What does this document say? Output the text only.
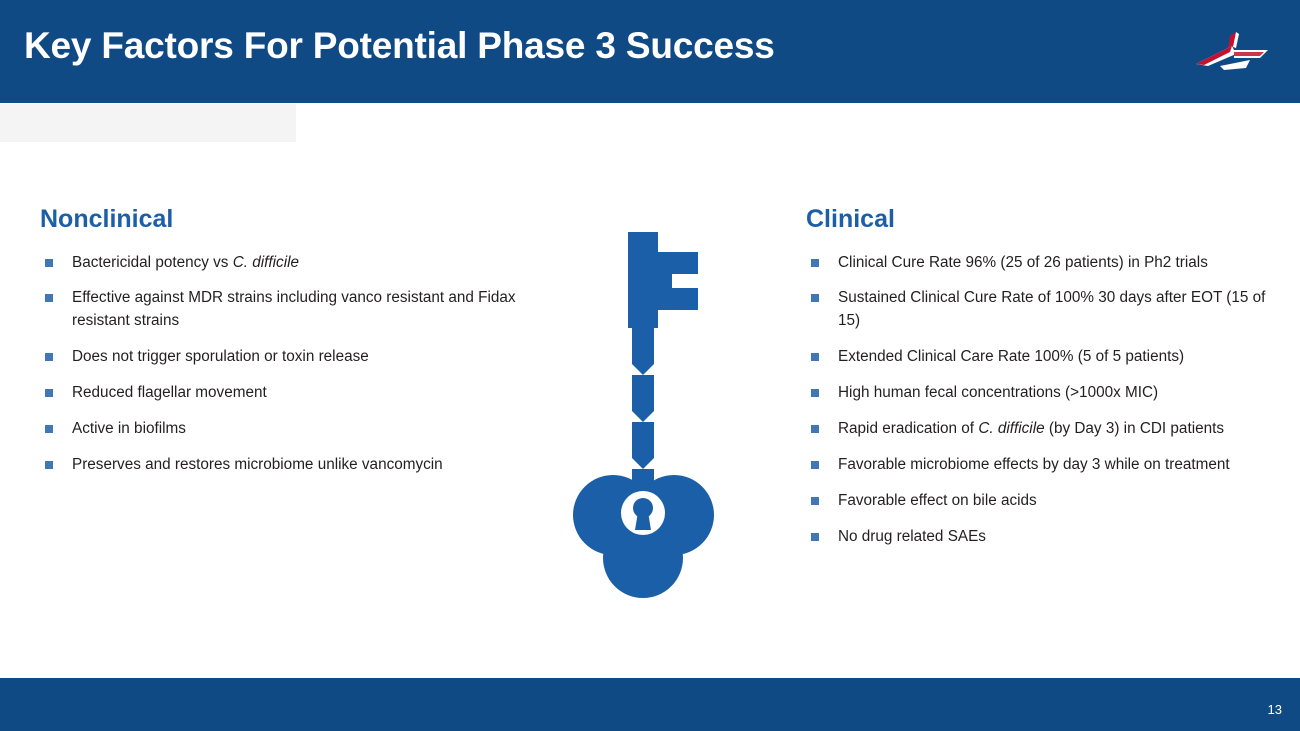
Key Factors For Potential Phase 3 Success
Nonclinical
Bactericidal potency vs C. difficile
Effective against MDR strains including vanco resistant and Fidax resistant strains
Does not trigger sporulation or toxin release
Reduced flagellar movement
Active in biofilms
Preserves and restores microbiome unlike vancomycin
Clinical
Clinical Cure Rate 96% (25 of 26 patients) in Ph2 trials
Sustained Clinical Cure Rate of 100% 30 days after EOT (15 of 15)
Extended Clinical Care Rate 100% (5 of 5 patients)
High human fecal concentrations (>1000x MIC)
Rapid eradication of C. difficile (by Day 3) in CDI patients
Favorable microbiome effects by day 3 while on treatment
Favorable effect on bile acids
No drug related SAEs
13
